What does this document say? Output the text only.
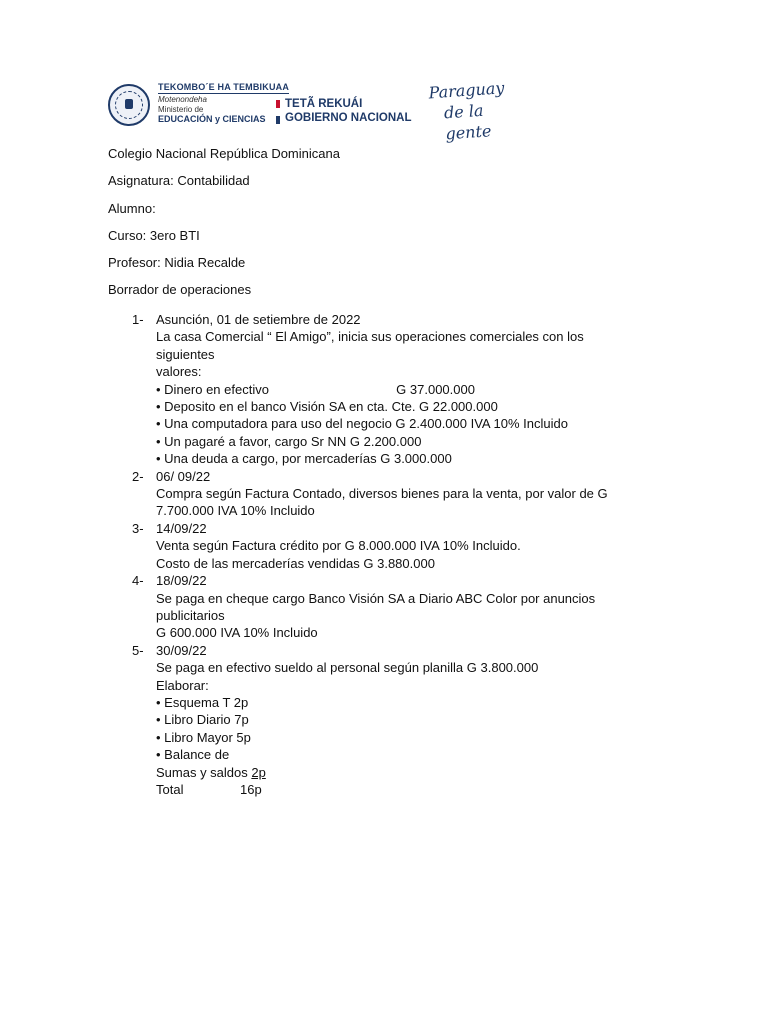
TEKOMBO´E HA TEMBIKUAA
Motenondeha
Ministerio de
EDUCACIÓN y CIENCIAS
TETÃ REKUÁI
GOBIERNO NACIONAL
Paraguay
de la gente
Colegio Nacional República Dominicana
Asignatura: Contabilidad
Alumno:
Curso: 3ero BTI
Profesor: Nidia Recalde
Borrador de operaciones
1- Asunción, 01 de setiembre de 2022
La casa Comercial “ El Amigo”, inicia sus operaciones comerciales con los siguientes
valores:
• Dinero en efectivo	G 37.000.000
• Deposito en el banco Visión SA en cta. Cte. G 22.000.000
• Una computadora para uso del negocio G 2.400.000 IVA 10% Incluido
• Un pagaré a favor, cargo Sr NN G 2.200.000
• Una deuda a cargo, por mercaderías G 3.000.000
2- 06/ 09/22
Compra según Factura Contado, diversos bienes para la venta, por valor de G
7.700.000 IVA 10% Incluido
3- 14/09/22
Venta según Factura crédito por G 8.000.000 IVA 10% Incluido.
Costo de las mercaderías vendidas G 3.880.000
4- 18/09/22
Se paga en cheque cargo Banco Visión SA a Diario ABC Color por anuncios publicitarios
G 600.000 IVA 10% Incluido
5- 30/09/22
Se paga en efectivo sueldo al personal según planilla G 3.800.000
Elaborar:
• Esquema T 2p
• Libro Diario 7p
• Libro Mayor 5p
• Balance de
Sumas y saldos 2p
Total	16p
